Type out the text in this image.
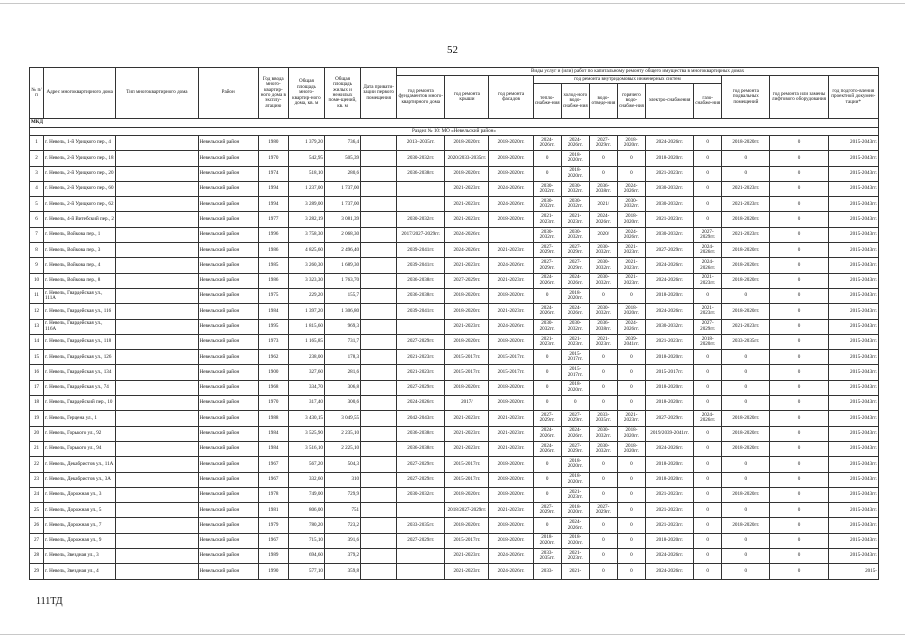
52
№ п/п	Адрес многоквартирного дома	Тип многоквартирного дома	Район	Год ввода много-квартир-ного дома в эксплу-атацию	Общая площадь много-квартир-ного дома, кв. м	Общая площадь жилых и нежилых поме-щений, кв. м	Дата привати-зации первого помещения	Виды услуг и (или) работ по капитальному ремонту общего имущества в многоквартирных домах											
								год ремонта фундаментов много-квартирного дома	год ремонта крыши	год ремонта фасадов	год ремонта внутридомовых инженерных систем						год ремонта подвальных помещений	год ремонта или замены лифтового оборудования	год подгото-вления проектной докумен-тации*
											тепло-снабже-ния	холод-ного водо-снабже-ния	водо-отведе-ния	горячего водо-снабже-ния	электро-снабжения	газо-снабже-ния			
МКД																			
Раздел № 10: МО «Невельский район»																			
1	г. Невель, 1-й Урицкого пер., 4		Невельский район	1980	1 379,20	736,4		2013–2035гг.	2018-2020гг.	2018-2020гг.	2024-2026гг.	2024-2026гг.	2027-2029гг.	2018-2020гг.	2024-2026гг.	0	2018-2020гг.	0	2015-2043гг.
2	г. Невель, 2-й Урицкого пер., 18		Невельский район	1970	542,95	505,39		2030-2032гг.	2020/2033-2035гг.	2018-2020гг.	0	2018-2020гг.	0	0	2018-2020гг.	0	0	0	2015-2043гг.
3	г. Невель, 2-й Урицкого пер., 20		Невельский район	1974	518,10	280,6		2036-2038гг.	2018-2020гг.	2018-2020гг.	0	2018-2020гг.	0	0	2021-2023гг.	0	0	0	2015-2043гг.
4	г. Невель, 2-й Урицкого пер., 60		Невельский район	1994	1 237,00	1 737,00			2021-2023гг.	2024-2026гг.	2030-2032гг.	2030-2032гг.	2036-2038гг.	2024-2026гг.	2030-2032гг.	0	2021-2023гг.	0	2015-2043гг.
5	г. Невель, 2-й Урицкого пер., 62		Невельский район	1994	3 289,00	1 737,00			2021-2023гг.	2024-2026гг.	2030-2032гг.	2030-2032гг.	2021/	2030-2032гг.	2030-2032гг.	0	2021-2023гг.	0	2015-2043гг.
6	г. Невель, 4-й Витебский пер., 2		Невельский район	1977	3 282,19	3 081,39		2030-2032гг.	2021-2023гг.	2018-2020гг.	2021-2023гг.	2021-2023гг.	2024-2026гг.	2018-2020гг.	2021-2023гг.	0	2018-2020гг.	0	2015-2043гг.
7	г. Невель, Войкова пер., 1		Невельский район	1996	3 758,30	2 068,30		2017/2027-2029гг.	2024-2026гг.		2030-2032гг.	2030-2032гг.	2020/	2024-2026гг.	2030-2032гг.	2027-2029гг.	2021-2023гг.	0	2015-2043гг.
8	г. Невель, Войкова пер., 3		Невельский район	1986	4 825,60	2 496,40		2039-2041гг.	2024-2026гг.	2021-2023гг.	2027-2029гг.	2027-2029гг.	2030-2032гг.	2021-2023гг.	2027-2029гг.	2024-2026гг.	2018-2020гг.	0	2015-2043гг.
9	г. Невель, Войкова пер., 4		Невельский район	1985	3 260,30	1 689,30		2039-2041гг.	2021-2023гг.	2024-2026гг.	2027-2029гг.	2027-2029гг.	2030-2032гг.	2021-2023гг.	2024-2026гг.	2024-2026гг.	2018-2020гг.	0	2015-2043гг.
10	г. Невель, Войкова пер., 8		Невельский район	1986	3 323,30	1 763,70		2036-2038гг.	2027-2029гг.	2021-2023гг.	2024-2026гг.	2024-2026гг.	2030-2032гг.	2021-2023гг.	2024-2026гг.	2021-2023гг.	2018-2020гг.	0	2015-2043гг.
11	г. Невель, Гвардейская ул., 111А		Невельский район	1975	229,20	155,7		2036-2038гг.	2018-2020гг.	2018-2020гг.	0	2018-2020гг.	0	0	2018-2020гг.	0	0	0	2015-2043гг.
12	г. Невель, Гвардейская ул., 116		Невельский район	1984	1 397,20	1 306,80		2039-2041гг.	2018-2020гг.	2021-2023гг.	2024-2026гг.	2024-2026гг.	2030-2032гг.	2018-2020гг.	2024-2026гг.	2021-2023гг.	2018-2020гг.	0	2015-2043гг.
13	г. Невель, Гвардейская ул., 116А		Невельский район	1995	1 815,60	969,3			2021-2023гг.	2024-2026гг.	2030-2032гг.	2030-2032гг.	2036-2038гг.	2024-2026гг.	2030-2032гг.	2027-2029гг.	2021-2023гг.	0	2015-2043гг.
14	г. Невель, Гвардейская ул., 118		Невельский район	1973	1 165,85	731,7		2027-2029гг.	2018-2020гг.	2018-2020гг.	2021-2023гг.	2021-2023гг.	2021-2023гг.	2039-2041гг.	2021-2023гг.	2018-2020гг.	2033-2035гг.	0	2015-2043гг.
15	г. Невель, Гвардейская ул., 126		Невельский район	1962	238,00	178,3		2021-2023гг.	2015-2017гг.	2015-2017гг.	0	2015-2017гг.	0	0	2018-2020гг.	0	0	0	2015-2043гг.
16	г. Невель, Гвардейская ул., 134		Невельский район	1900	327,60	281,6		2021-2023гг.	2015-2017гг.	2015-2017гг.	0	2015-2017гг.	0	0	2015-2017гг.	0	0	0	2015-2043гг.
17	г. Невель, Гвардейская ул., 74		Невельский район	1968	334,70	306,8		2027-2029гг.	2018-2020гг.	2018-2020гг.	0	2018-2020гг.	0	0	2018-2020гг.	0	0	0	2015-2043гг.
18	г. Невель, Гвардейский пер., 10		Невельский район	1970	317,40	300,6		2024-2026гг.	2017/	2018-2020гг.	0	0	0	0	2018-2020гг.	0	0	0	2015-2043гг.
19	г. Невель, Герцена ул., 1		Невельский район	1988	3 430,15	3 049,55		2042-2043гг.	2021-2023гг.	2021-2023гг.	2027-2029гг.	2027-2029гг.	2033-2035гг.	2021-2023гг.	2027-2029гг.	2024-2026гг.	2018-2020гг.	0	2015-2043гг.
20	г. Невель, Горького ул., 92		Невельский район	1984	3 525,90	2 235,10		2036-2038гг.	2021-2023гг.	2021-2023гг.	2024-2026гг.	2024-2026гг.	2030-2032гг.	2018-2020гг.	2019/2039-2041гг.	0	2018-2020гг.	0	2015-2043гг.
21	г. Невель, Горького ул., 94		Невельский район	1984	3 516,10	2 225,10		2036-2038гг.	2021-2023гг.	2021-2023гг.	2024-2026гг.	2027-2029гг.	2030-2032гг.	2018-2020гг.	2024-2026гг.	0	2018-2020гг.	0	2015-2043гг.
22	г. Невель, Декабристов ул., 11А		Невельский район	1967	567,20	504,3		2027-2029гг.	2015-2017гг.	2018-2020гг.	0	2018-2020гг.	0	0	2018-2020гг.	0	0	0	2015-2043гг.
23	г. Невель, Декабристов ул., 3А		Невельский район	1967	332,60	310		2027-2029гг.	2015-2017гг.	2018-2020гг.	0	2018-2020гг.	0	0	2018-2020гг.	0	0	0	2015-2043гг.
24	г. Невель, Дорожная ул., 3		Невельский район	1978	749,00	729,9		2030-2032гг.	2018-2020гг.	2018-2020гг.	0	2021-2023гг.	0	0	2021-2023гг.	0	2018-2020гг.	0	2015-2043гг.
25	г. Невель, Дорожная ул., 5		Невельский район	1981	806,00	751			2018/2027-2029гг.	2021-2023гг.	2027-2029гг.	2018-2020гг.	2027-2029гг.	0	2021-2023гг.	0	0	0	2015-2043гг.
26	г. Невель, Дорожная ул., 7		Невельский район	1979	780,20	723,2		2033-2035гг.	2018-2020гг.	2018-2020гг.	0	2024-2026гг.	0	0	2021-2023гг.	0	2018-2020гг.	0	2015-2043гг.
27	г. Невель, Дорожная ул., 9		Невельский район	1967	715,10	391,6		2027-2029гг.	2015-2017гг.	2018-2020гг.	2018-2020гг.	2018-2020гг.	0	0	2018-2020гг.	0	0	0	2015-2043гг.
28	г. Невель, Звездная ул., 3		Невельский район	1989	694,60	379,2			2021-2023гг.	2024-2026гг.	2033-2035гг.	2021-2023гг.	0	0	2024-2026гг.	0	0	0	2015-2043гг.
29	г. Невель, Звездная ул., 4		Невельский район	1990	577,10	359,8			2021-2023гг.	2024-2026гг.	2033-	2021-	0	0	2024-2026гг.	0	0	0	2015-
111ТД
